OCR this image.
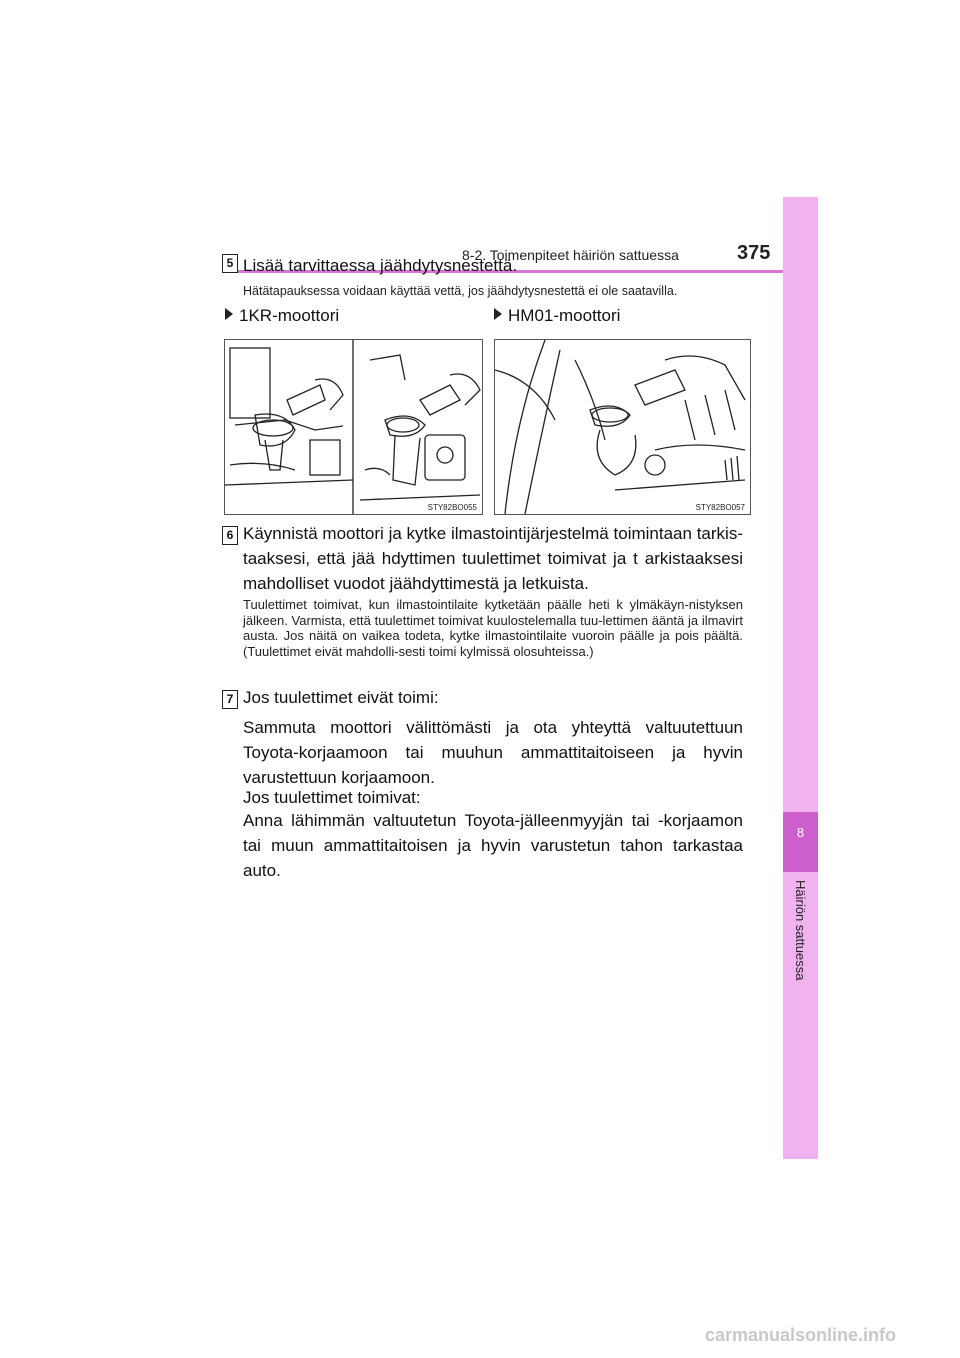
8-2. Toimenpiteet häiriön sattuessa	375
8
Häiriön sattuessa
5 Lisää tarvittaessa jäähdytysnestettä.
Hätätapauksessa voidaan käyttää vettä, jos jäähdytysnestettä ei ole saatavilla.
1KR-moottori	HM01-moottori
STY82BO055	STY82BO057
6 Käynnistä moottori ja kytke ilmastointijärjestelmä toimintaan tarkis-taaksesi, että jää hdyttimen tuulettimet toimivat ja t arkistaaksesi mahdolliset vuodot jäähdyttimestä ja letkuista.
Tuulettimet toimivat, kun ilmastointilaite kytketään päälle heti k ylmäkäyn-nistyksen jälkeen. Varmista, että tuulettimet toimivat kuulostelemalla tuu-lettimen ääntä ja ilmavirt austa. Jos näitä on vaikea todeta, kytke ilmastointilaite vuoroin päälle ja pois päältä. (Tuulettimet eivät mahdolli-sesti toimi kylmissä olosuhteissa.)
7 Jos tuulettimet eivät toimi:
Sammuta moottori välittömästi ja ota yhteyttä valtuutettuun Toyota-korjaamoon tai muuhun ammattitaitoiseen ja hyvin varustettuun korjaamoon.
Jos tuulettimet toimivat:
Anna lähimmän valtuutetun Toyota-jälleenmyyjän tai -korjaamon tai muun ammattitaitoisen ja hyvin varustetun tahon tarkastaa auto.
carmanualsonline.info
